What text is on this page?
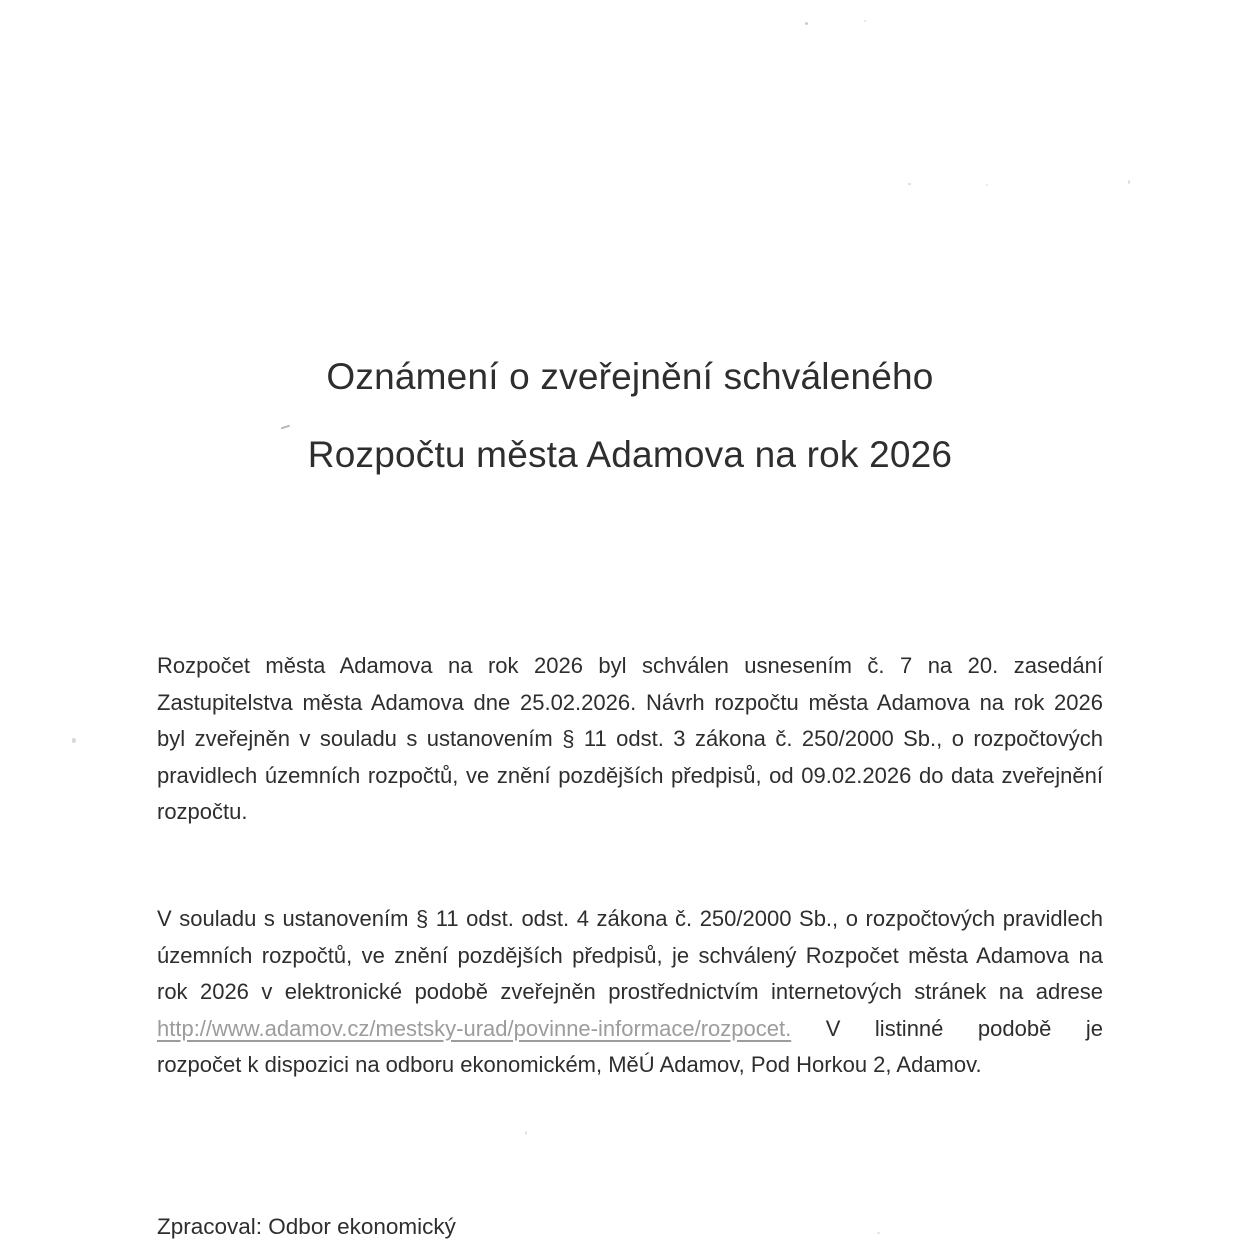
Oznámení o zveřejnění schváleného
Rozpočtu města Adamova na rok 2026
Rozpočet města Adamova na rok 2026 byl schválen usnesením č. 7 na 20. zasedání
Zastupitelstva města Adamova dne 25.02.2026. Návrh rozpočtu města Adamova na rok 2026
byl zveřejněn v souladu s ustanovením § 11 odst. 3 zákona č. 250/2000 Sb., o rozpočtových
pravidlech územních rozpočtů, ve znění pozdějších předpisů, od 09.02.2026 do data zveřejnění
rozpočtu.
V souladu s ustanovením § 11 odst. odst. 4 zákona č. 250/2000 Sb., o rozpočtových pravidlech
územních rozpočtů, ve znění pozdějších předpisů, je schválený Rozpočet města Adamova na
rok 2026 v elektronické podobě zveřejněn prostřednictvím internetových stránek na adrese
http://www.adamov.cz/mestsky-urad/povinne-informace/rozpocet. V listinné podobě je
rozpočet k dispozici na odboru ekonomickém, MěÚ Adamov, Pod Horkou 2, Adamov.
Zpracoval: Odbor ekonomický
